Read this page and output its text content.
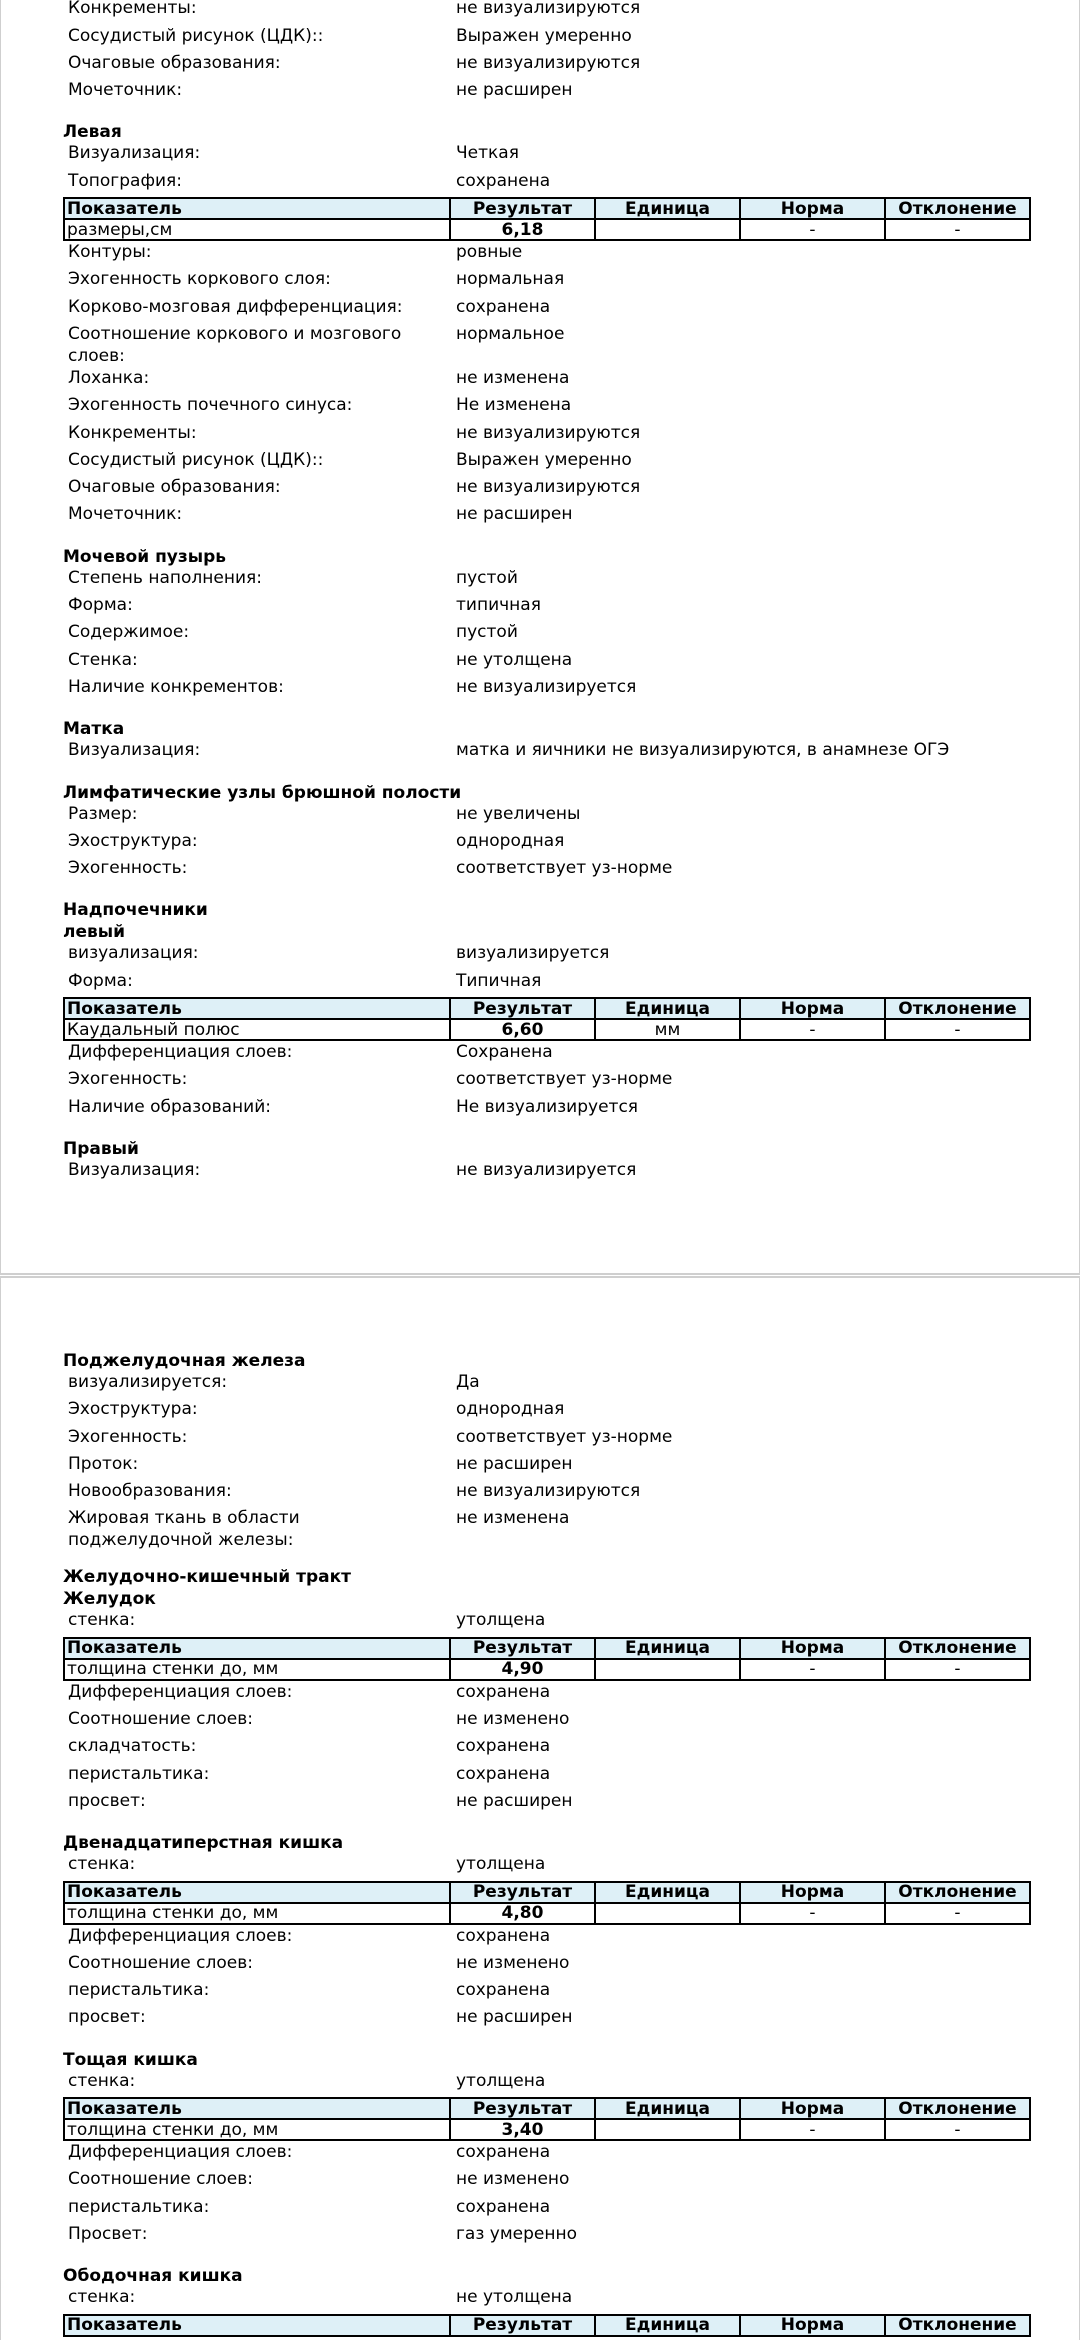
Конкременты:	не визуализируются
Сосудистый рисунок (ЦДК)::	Выражен умеренно
Очаговые образования:	не визуализируются
Мочеточник:	не расширен
Левая
Визуализация:	Четкая
Топография:	сохранена
Показатель	Результат	Единица	Норма	Отклонение
размеры,см	6,18		-	-
Контуры:	ровные
Эхогенность коркового слоя:	нормальная
Корково-мозговая дифференциация:	сохранена
Соотношение коркового и мозгового слоев:
нормальное
Лоханка:	не изменена
Эхогенность почечного синуса:	Не изменена
Конкременты:	не визуализируются
Сосудистый рисунок (ЦДК)::	Выражен умеренно
Очаговые образования:	не визуализируются
Мочеточник:	не расширен
Мочевой пузырь
Степень наполнения:	пустой
Форма:	типичная
Содержимое:	пустой
Стенка:	не утолщена
Наличие конкрементов:	не визуализируется
Матка
Визуализация:	матка и яичники не визуализируются, в анамнезе ОГЭ
Лимфатические узлы брюшной полости
Размер:	не увеличены
Эхоструктура:	однородная
Эхогенность:	соответствует уз-норме
Надпочечники
левый
визуализация:	визуализируется
Форма:	Типичная
Показатель	Результат	Единица	Норма	Отклонение
Каудальный полюс	6,60	мм	-	-
Дифференциация слоев:	Сохранена
Эхогенность:	соответствует уз-норме
Наличие образований:	Не визуализируется
Правый
Визуализация:	не визуализируется
Поджелудочная железа
визуализируется:	Да
Эхоструктура:	однородная
Эхогенность:	соответствует уз-норме
Проток:	не расширен
Новообразования:	не визуализируются
Жировая ткань в области поджелудочной железы:
не изменена
Желудочно-кишечный тракт
Желудок
стенка:	утолщена
Показатель	Результат	Единица	Норма	Отклонение
толщина стенки до, мм	4,90		-	-
Дифференциация слоев:	сохранена
Соотношение слоев:	не изменено
складчатость:	сохранена
перистальтика:	сохранена
просвет:	не расширен
Двенадцатиперстная кишка
стенка:	утолщена
Показатель	Результат	Единица	Норма	Отклонение
толщина стенки до, мм	4,80		-	-
Дифференциация слоев:	сохранена
Соотношение слоев:	не изменено
перистальтика:	сохранена
просвет:	не расширен
Тощая кишка
стенка:	утолщена
Показатель	Результат	Единица	Норма	Отклонение
толщина стенки до, мм	3,40		-	-
Дифференциация слоев:	сохранена
Соотношение слоев:	не изменено
перистальтика:	сохранена
Просвет:	газ умеренно
Ободочная кишка
стенка:	не утолщена
Показатель	Результат	Единица	Норма	Отклонение
